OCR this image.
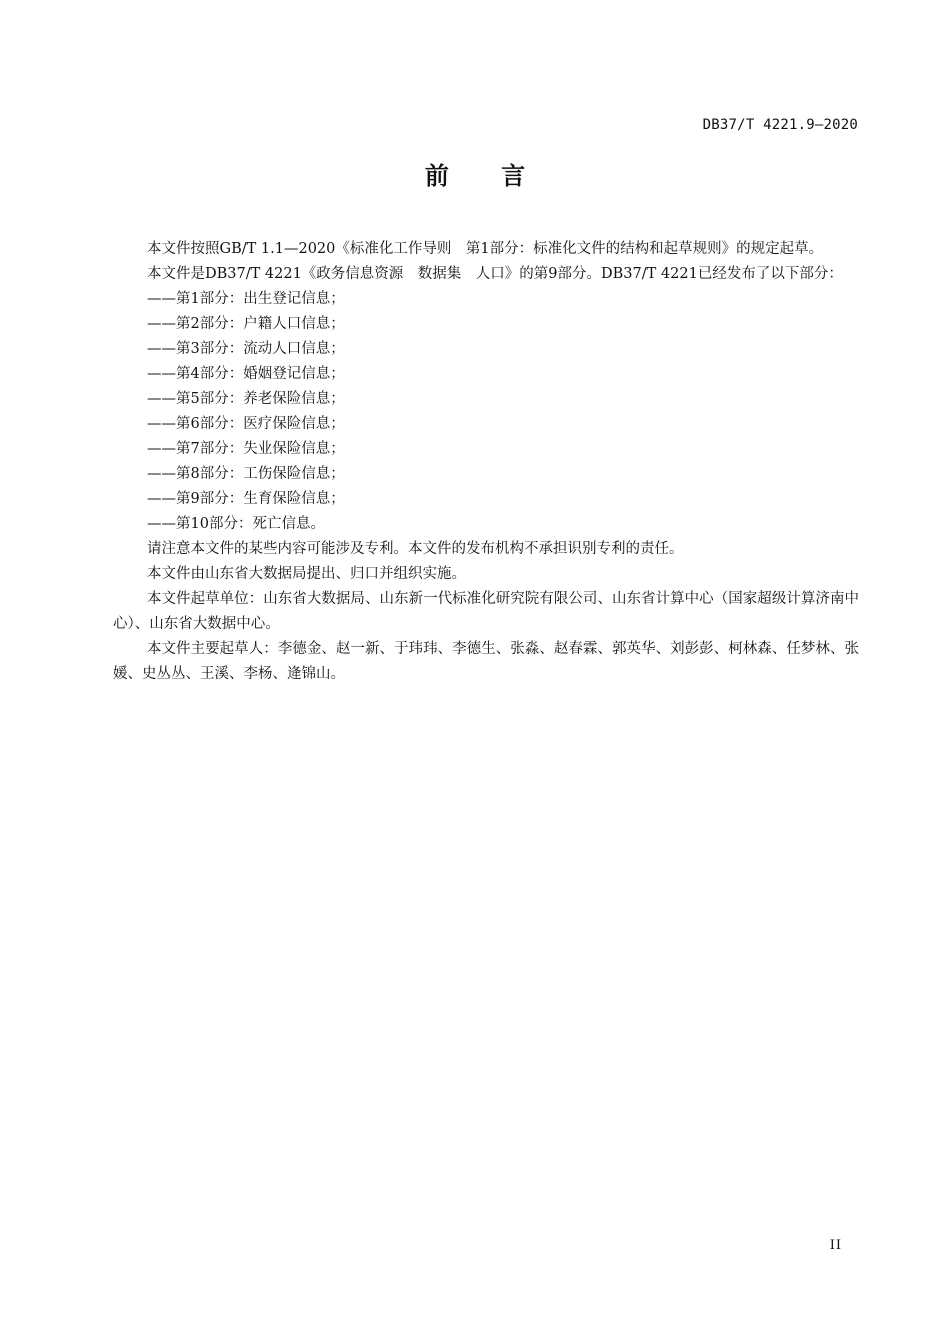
DB37/T 4221.9—2020
前 言

本文件按照GB/T 1.1—2020《标准化工作导则　第1部分：标准化文件的结构和起草规则》的规定起草。

本文件是DB37/T 4221《政务信息资源　数据集　人口》的第9部分。DB37/T 4221已经发布了以下部分：

——第1部分：出生登记信息；
——第2部分：户籍人口信息；
——第3部分：流动人口信息；
——第4部分：婚姻登记信息；
——第5部分：养老保险信息；
——第6部分：医疗保险信息；
——第7部分：失业保险信息；
——第8部分：工伤保险信息；
——第9部分：生育保险信息；
——第10部分：死亡信息。

请注意本文件的某些内容可能涉及专利。本文件的发布机构不承担识别专利的责任。

本文件由山东省大数据局提出、归口并组织实施。

本文件起草单位：山东省大数据局、山东新一代标准化研究院有限公司、山东省计算中心（国家超级计算济南中心）、山东省大数据中心。

本文件主要起草人：李德金、赵一新、于玮玮、李德生、张淼、赵春霖、郭英华、刘彭彭、柯林森、任梦林、张媛、史丛丛、王溪、李杨、逄锦山。

II
